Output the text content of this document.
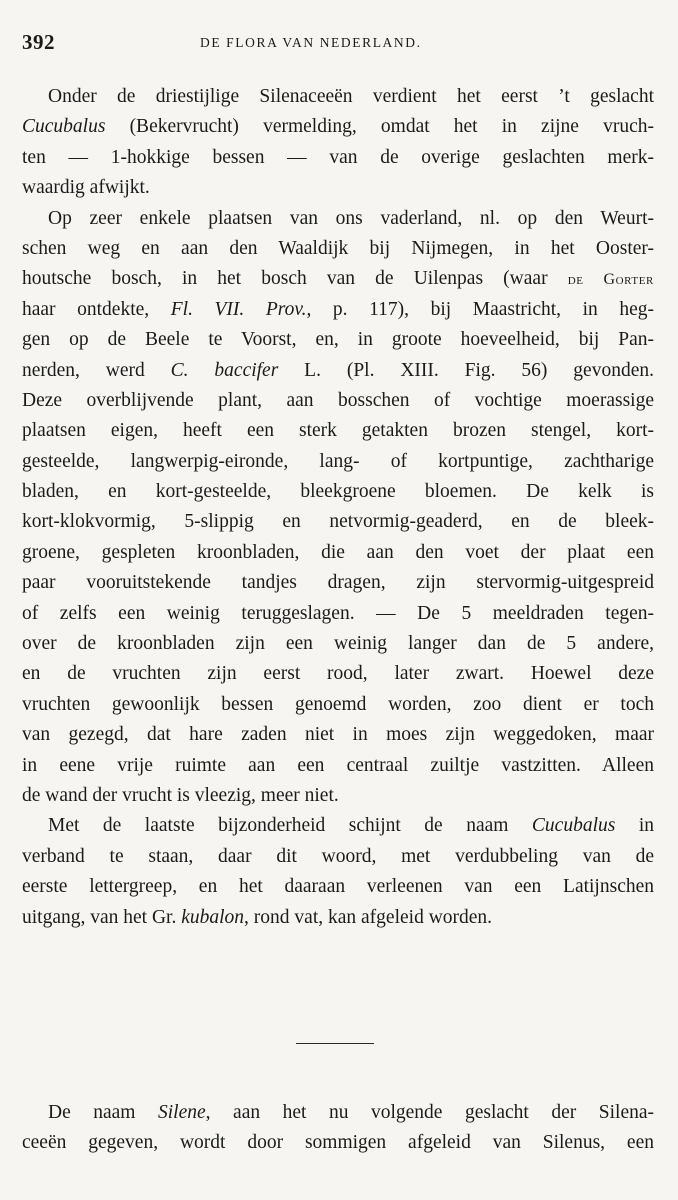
392	DE FLORA VAN NEDERLAND.
Onder de driestijlige Silenaceeën verdient het eerst ’t geslacht
Cucubalus (Bekervrucht) vermelding, omdat het in zijne vruch-
ten — 1-hokkige bessen — van de overige geslachten merk-
waardig afwijkt.
Op zeer enkele plaatsen van ons vaderland, nl. op den Weurt-
schen weg en aan den Waaldijk bij Nijmegen, in het Ooster-
houtsche bosch, in het bosch van de Uilenpas (waar de Gorter
haar ontdekte, Fl. VII. Prov., p. 117), bij Maastricht, in heg-
gen op de Beele te Voorst, en, in groote hoeveelheid, bij Pan-
nerden, werd C. baccifer L. (Pl. XIII. Fig. 56) gevonden.
Deze overblijvende plant, aan bosschen of vochtige moerassige
plaatsen eigen, heeft een sterk getakten brozen stengel, kort-
gesteelde, langwerpig-eironde, lang- of kortpuntige, zachtharige
bladen, en kort-gesteelde, bleekgroene bloemen. De kelk is
kort-klokvormig, 5-slippig en netvormig-geaderd, en de bleek-
groene, gespleten kroonbladen, die aan den voet der plaat een
paar vooruitstekende tandjes dragen, zijn stervormig-uitgespreid
of zelfs een weinig teruggeslagen. — De 5 meeldraden tegen-
over de kroonbladen zijn een weinig langer dan de 5 andere,
en de vruchten zijn eerst rood, later zwart. Hoewel deze
vruchten gewoonlijk bessen genoemd worden, zoo dient er toch
van gezegd, dat hare zaden niet in moes zijn weggedoken, maar
in eene vrije ruimte aan een centraal zuiltje vastzitten. Alleen
de wand der vrucht is vleezig, meer niet.
Met de laatste bijzonderheid schijnt de naam Cucubalus in
verband te staan, daar dit woord, met verdubbeling van de
eerste lettergreep, en het daaraan verleenen van een Latijnschen
uitgang, van het Gr. kubalon, rond vat, kan afgeleid worden.
De naam Silene, aan het nu volgende geslacht der Silena-
ceeën gegeven, wordt door sommigen afgeleid van Silenus, een
